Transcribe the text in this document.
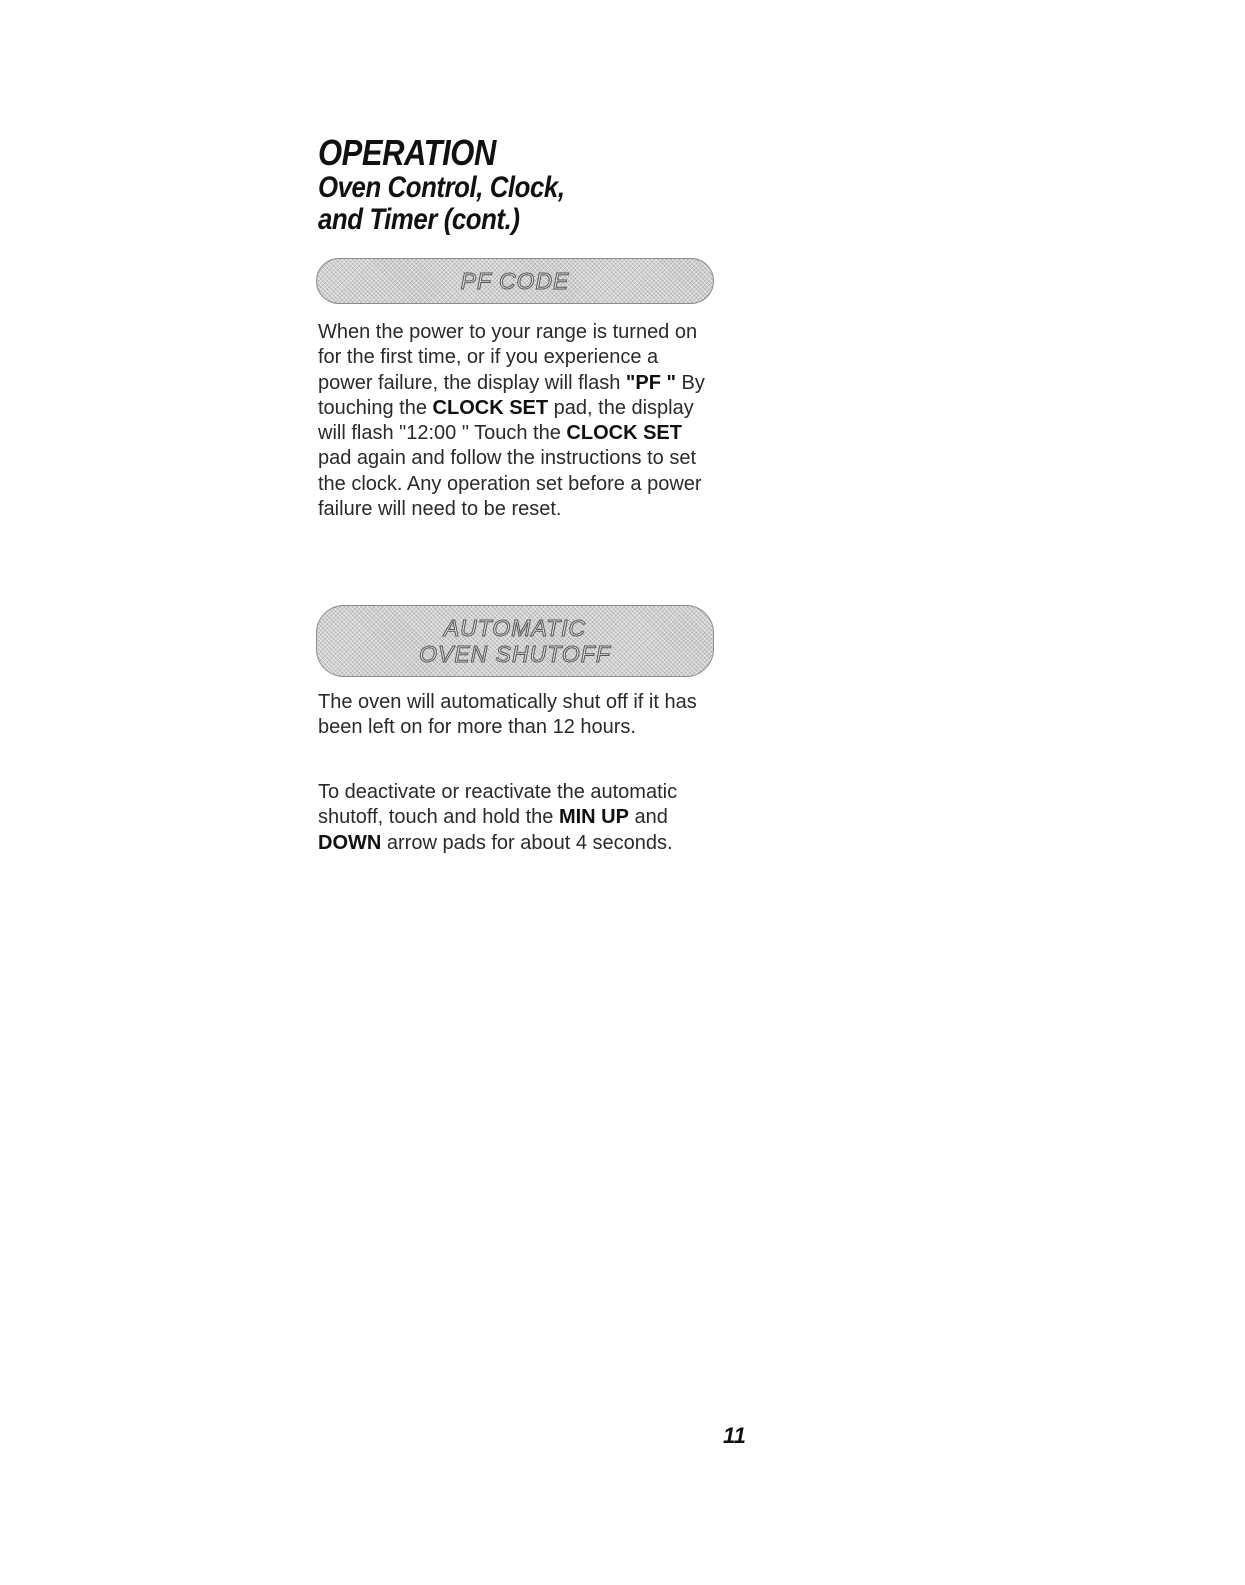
OPERATION
Oven Control, Clock,
and Timer (cont.)
PF CODE

When the power to your range is turned on for the first time, or if you experience a power failure, the display will flash "PF " By touching the CLOCK SET pad, the display will flash "12:00 " Touch the CLOCK SET pad again and follow the instructions to set the clock. Any operation set before a power failure will need to be reset.

AUTOMATIC
OVEN SHUTOFF

The oven will automatically shut off if it has been left on for more than 12 hours.

To deactivate or reactivate the automatic shutoff, touch and hold the MIN UP and DOWN arrow pads for about 4 seconds.

11
